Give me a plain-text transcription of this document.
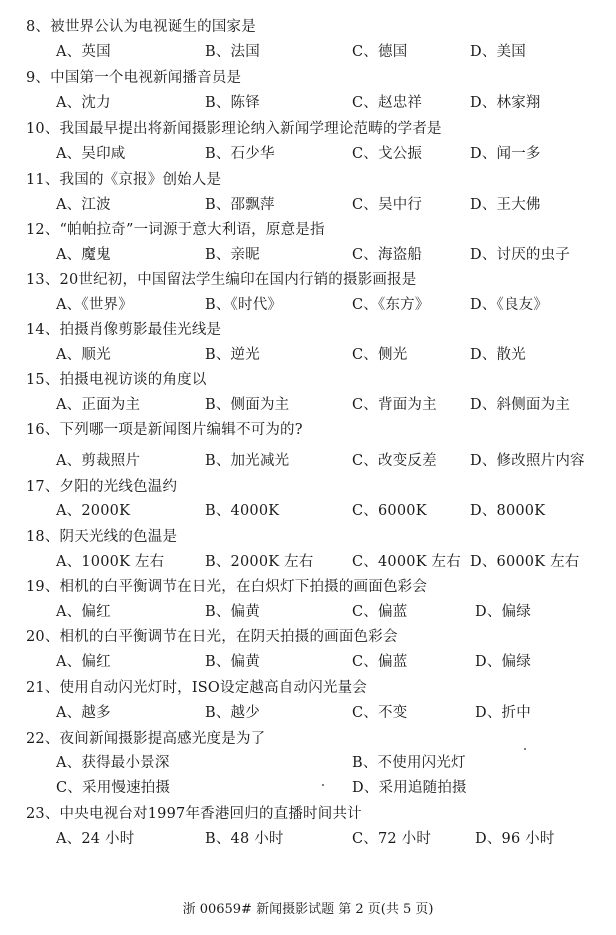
8、被世界公认为电视诞生的国家是
A、英国	B、法国	C、德国	D、美国
9、中国第一个电视新闻播音员是
A、沈力	B、陈铎	C、赵忠祥	D、林家翔
10、我国最早提出将新闻摄影理论纳入新闻学理论范畴的学者是
A、吴印咸	B、石少华	C、戈公振	D、闻一多
11、我国的《京报》创始人是
A、江波	B、邵飘萍	C、吴中行	D、王大佛
12、“帕帕拉奇”一词源于意大利语，原意是指
A、魔鬼	B、亲昵	C、海盗船	D、讨厌的虫子
13、20世纪初，中国留法学生编印在国内行销的摄影画报是
A、《世界》	B、《时代》	C、《东方》	D、《良友》
14、拍摄肖像剪影最佳光线是
A、顺光	B、逆光	C、侧光	D、散光
15、拍摄电视访谈的角度以
A、正面为主	B、侧面为主	C、背面为主 D、斜侧面为主
16、下列哪一项是新闻图片编辑不可为的?
A、剪裁照片	B、加光减光	C、改变反差 D、修改照片内容
17、夕阳的光线色温约
A、2000K	B、4000K	C、6000K	D、8000K
18、阴天光线的色温是
A、1000K 左右	B、2000K 左右	C、4000K 左右 D、6000K 左右
19、相机的白平衡调节在日光，在白炽灯下拍摄的画面色彩会
A、偏红	B、偏黄	C、偏蓝	D、偏绿
20、相机的白平衡调节在日光，在阴天拍摄的画面色彩会
A、偏红	B、偏黄	C、偏蓝	D、偏绿
21、使用自动闪光灯时，ISO设定越高自动闪光量会
A、越多	B、越少	C、不变	D、折中
22、夜间新闻摄影提高感光度是为了
A、获得最小景深	B、不使用闪光灯
C、采用慢速拍摄	D、采用追随拍摄
23、中央电视台对1997年香港回归的直播时间共计
A、24 小时	B、48 小时	C、72 小时	D、96 小时
浙 00659# 新闻摄影试题 第 2 页(共 5 页)
